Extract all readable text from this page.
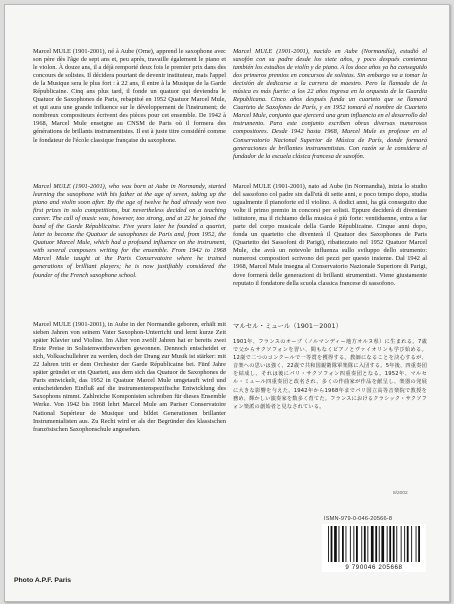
Marcel MULE (1901-2001), né à Aube (Orne), apprend le saxophone avec son père dès l'âge de sept ans et, peu après, travaille également le piano et le violon. À douze ans, il a déjà remporté deux fois le premier prix dans des concours de solistes. Il décidera pourtant de devenir instituteur, mais l'appel de la Musique sera le plus fort : à 22 ans, il entre à la Musique de la Garde Républicaine. Cinq ans plus tard, il fonde un quatuor qui deviendra le Quatuor de Saxophones de Paris, rebaptisé en 1952 Quatuor Marcel Mule, et qui aura une grande influence sur le développement de l'instrument; de nombreux compositeurs écrivent des pièces pour cet ensemble. De 1942 à 1968, Marcel Mule enseigne au CNSM de Paris où il formera des générations de brillants instrumentistes. Il est à juste titre considéré comme le fondateur de l'école classique française du saxophone.

Marcel MULE (1901-2001), nacido en Aube (Normandía), estudió el saxofón con su padre desde los siete años, y poco después comienza también los estudios de violín y de piano. A los doce años ya ha conseguido dos primeros premios en concursos de solistas. Sin embargo va a tomar la decisión de dedicarse a la carrera de maestro. Pero la llamada de la música es más fuerte: a los 22 años ingresa en la orquesta de la Guardia Republicana. Cinco años después funda un cuarteto que se llamará Cuarteto de Saxofones de París, y en 1952 tomará el nombre de Cuarteto Marcel Mule, conjunto que ejercerá una gran influencia en el desarrollo del instrumento. Para este conjunto escriben obras diversas numerosos compositores. Desde 1942 hasta 1968, Marcel Mule es profesor en el Conservatorio Nacional Superior de Música de París, donde formará generaciones de brillantes instrumentistas. Con razón se le considera el fundador de la escuela clásica francesa de saxofón.

Marcel MULE (1901-2001), who was born at Aube in Normandy, started learning the saxophone with his father at the age of seven, taking up the piano and violin soon after. By the age of twelve he had already won two first prizes in solo competitions, but nevertheless decided on a teaching career. The call of music was, however, too strong, and at 22 he joined the band of the Garde Républicaine. Five years later he founded a quartet, later to become the Quatuor de saxophones de Paris and, from 1952, the Quatuor Marcel Mule, which had a profound influence on the instrument, with several composers writing for the ensemble. From 1942 to 1968 Marcel Mule taught at the Paris Conservatoire where he trained generations of brilliant players; he is now justifiably considered the founder of the French saxophone school.

Marcel MULE (1901-2001), nato ad Aube (in Normandia), inizia lo studio del sassofono col padre sin dall'età di sette anni, e poco tempo dopo, studia ugualmente il pianoforte ed il violino. A dodici anni, ha già conseguito due volte il primo premio in concorsi per solisti. Eppure deciderà di diventare istitutore, ma il richiamo della musica è più forte: ventiduenne, entra a far parte del corpo musicale della Garde Républicaine. Cinque anni dopo, fonda un quartetto che diventerà il Quatuor des Saxophones de Paris (Quartetto dei Sassofoni di Parigi), ribattezzato nel 1952 Quatuor Marcel Mule, che avrà un notevole influenza sullo sviluppo dello strumento: numerosi compositori scrivono dei pezzi per questo insieme. Dal 1942 al 1968, Marcel Mule insegna al Conservatorio Nazionale Superiore di Parigi, dove formerà delle generazioni di brillanti strumentisti. Viene giustamente reputato il fondatore della scuola classica francese di sassofono.

Marcel MULE (1901-2001), in Aube in der Normandie geboren, erhält mit sieben Jahren von seinem Vater Saxophon-Unterricht und lernt kurze Zeit später Klavier und Violine. Im Alter von zwölf Jahren hat er bereits zwei Erste Preise in Solistenwettbewerben gewonnen. Dennoch entscheidet er sich, Volksschullehrer zu werden, doch der Drang zur Musik ist stärker: mit 22 Jahren tritt er dem Orchester der Garde Républicaine bei. Fünf Jahre später gründet er ein Quartett, aus dem sich das Quatuor de Saxophones de Paris entwickelt, das 1952 in Quatuor Marcel Mule umgetauft wird und entscheidenden Einfluß auf die instrumentenspezifische Entwicklung des Saxophons nimmt. Zahlreiche Komponisten schreiben für dieses Ensemble Werke. Von 1942 bis 1968 lehrt Marcel Mule am Pariser Conservatoire National Supérieur de Musique und bildet Generationen brillanter Instrumentalisten aus. Zu Recht wird er als der Begründer des klassischen französischen Saxophonschule angesehen.

マルセル・ミュール（1901－2001）

1901年、フランスのオーブ（ノルマンディー地方オルヌ県）に生まれる。7歳で父からサクソフォンを習い、間もなくピアノとヴァイオリンも学び始める。12歳で二つのコンクールで一等賞を獲得する。教師になることを決心するが、音楽への思いは強く、22歳で共和国親衛隊軍楽隊に入団する。5年後、四重奏団を結成し、それは後にパリ・サクソフォン四重奏団となる。1952年、マルセル・ミュール四重奏団と改名され、多くの作曲家が作品を献呈し、楽器の発展に大きな影響を与えた。1942年から1968年までパリ国立高等音楽院で教授を務め、輝かしい演奏家を数多く育てた。フランスにおけるクラシック・サクソフォン楽派の創始者と見なされている。

8/2002
ISMN-979-0-046-20566-8
9 790046 205668
Photo A.P.F. Paris
